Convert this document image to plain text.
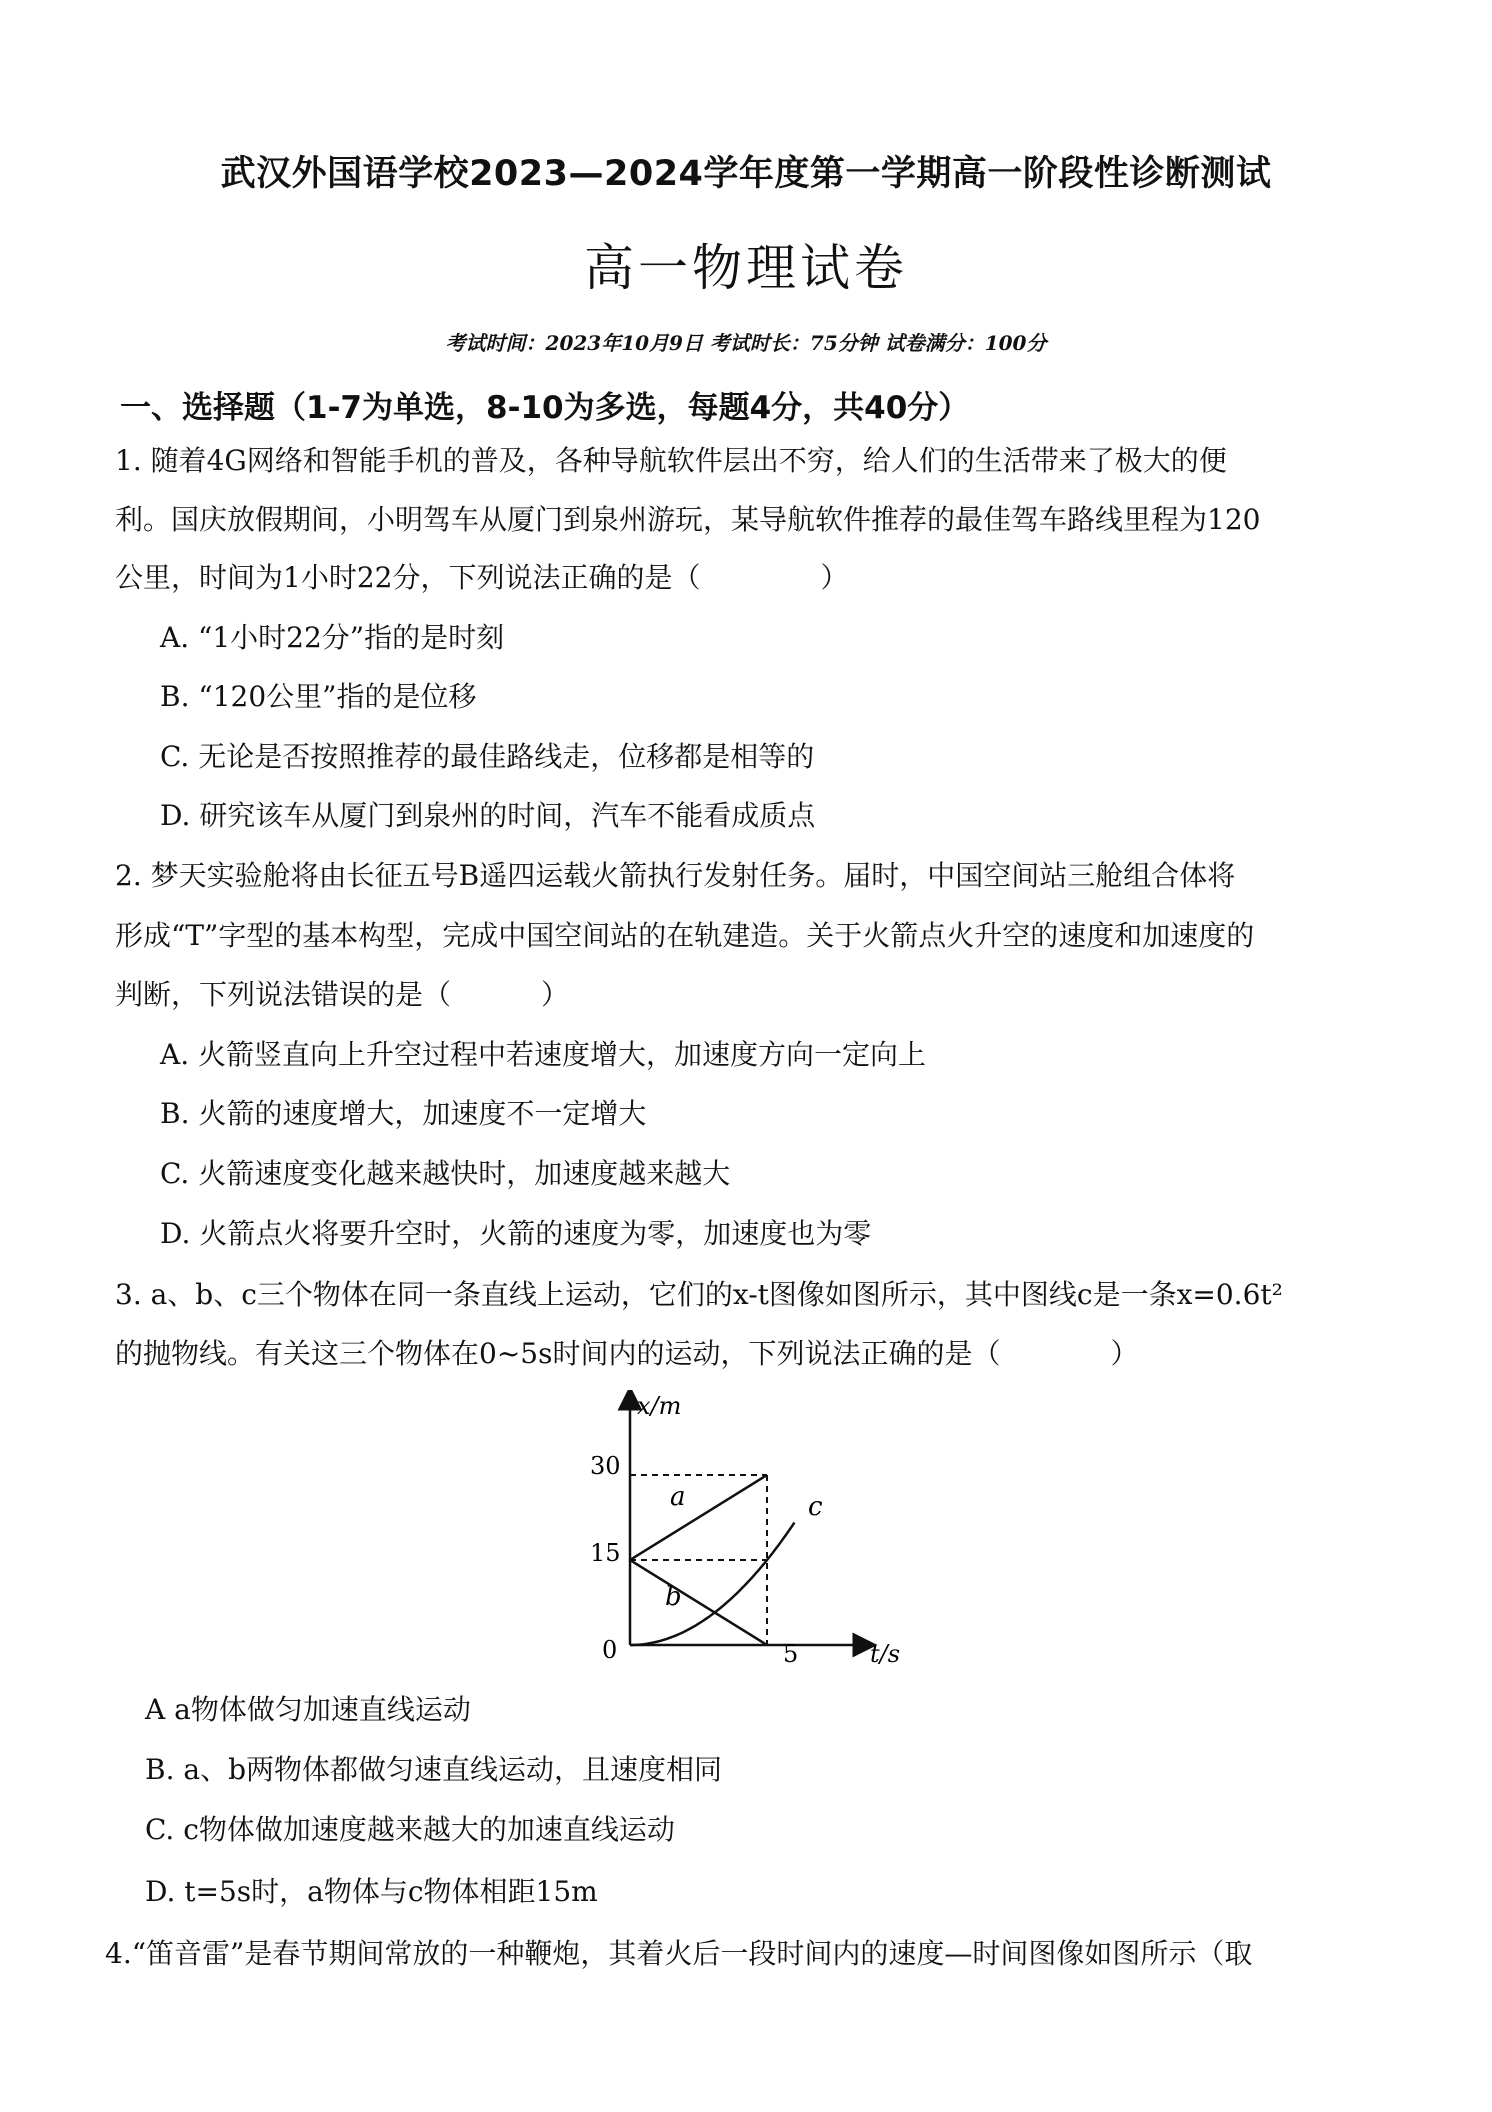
武汉外国语学校2023—2024学年度第一学期高一阶段性诊断测试
高一物理试卷
考试时间：2023年10月9日 考试时长：75分钟 试卷满分：100分
一、选择题（1-7为单选，8-10为多选，每题4分，共40分）
1. 随着4G网络和智能手机的普及，各种导航软件层出不穷，给人们的生活带来了极大的便
利。国庆放假期间，小明驾车从厦门到泉州游玩，某导航软件推荐的最佳驾车路线里程为120
公里，时间为1小时22分，下列说法正确的是（	）
A. “1小时22分”指的是时刻
B. “120公里”指的是位移
C. 无论是否按照推荐的最佳路线走，位移都是相等的
D. 研究该车从厦门到泉州的时间，汽车不能看成质点
2. 梦天实验舱将由长征五号B遥四运载火箭执行发射任务。届时，中国空间站三舱组合体将
形成“T”字型的基本构型，完成中国空间站的在轨建造。关于火箭点火升空的速度和加速度的
判断，下列说法错误的是（	）
A. 火箭竖直向上升空过程中若速度增大，加速度方向一定向上
B. 火箭的速度增大，加速度不一定增大
C. 火箭速度变化越来越快时，加速度越来越大
D. 火箭点火将要升空时，火箭的速度为零，加速度也为零
3. a、b、c三个物体在同一条直线上运动，它们的x-t图像如图所示，其中图线c是一条x=0.6t²
的抛物线。有关这三个物体在0~5s时间内的运动，下列说法正确的是（	）
x/m
t/s
0
30
15
5
a
b
c
A a物体做匀加速直线运动
B. a、b两物体都做匀速直线运动，且速度相同
C. c物体做加速度越来越大的加速直线运动
D. t=5s时，a物体与c物体相距15m
4.“笛音雷”是春节期间常放的一种鞭炮，其着火后一段时间内的速度—时间图像如图所示（取
